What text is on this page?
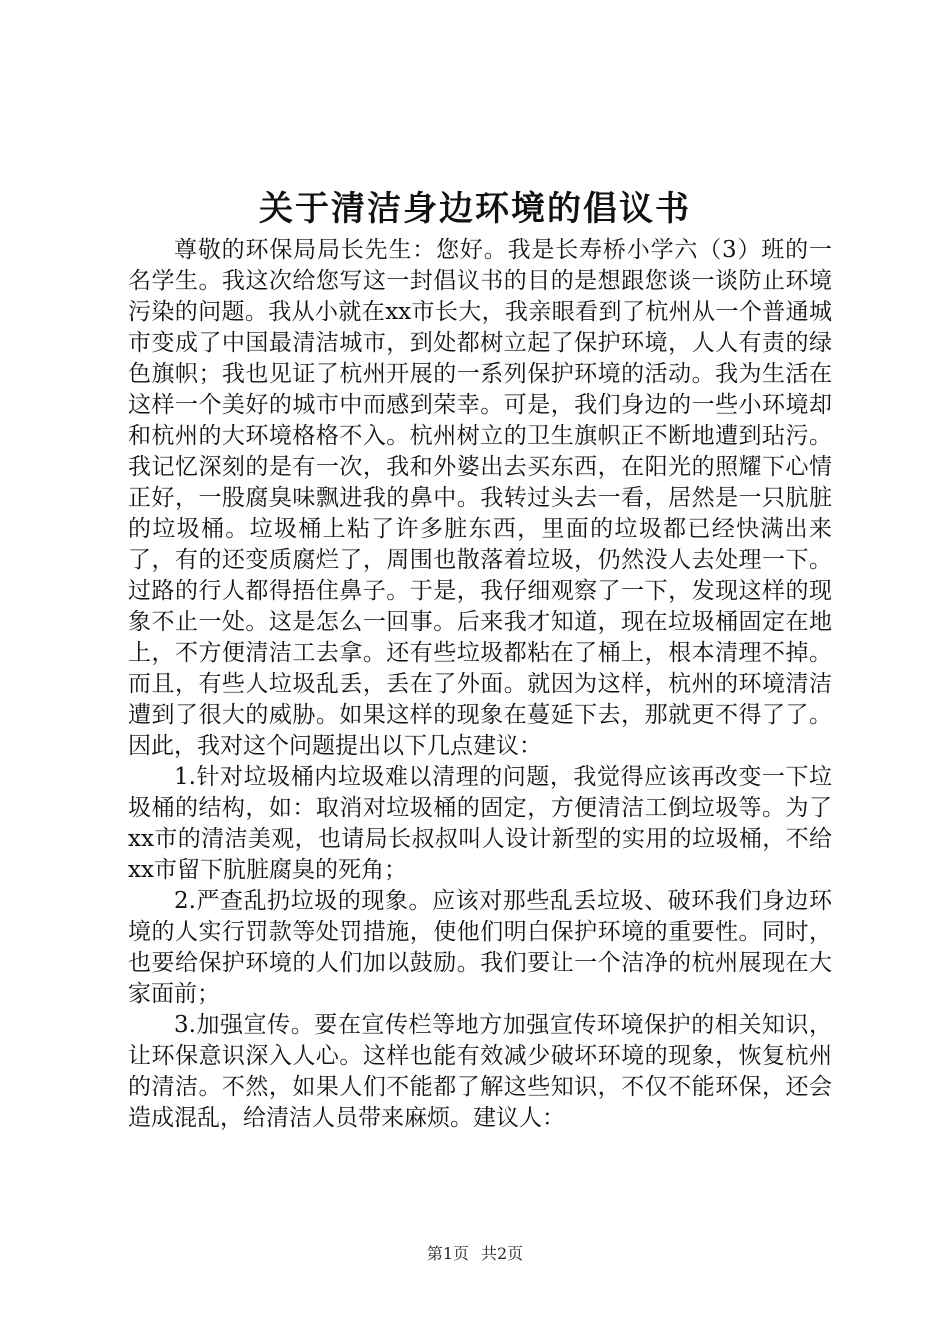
关于清洁身边环境的倡议书

尊敬的环保局局长先生：您好。我是长寿桥小学六（3）班的一名学生。我这次给您写这一封倡议书的目的是想跟您谈一谈防止环境污染的问题。我从小就在xx市长大，我亲眼看到了杭州从一个普通城市变成了中国最清洁城市，到处都树立起了保护环境，人人有责的绿色旗帜；我也见证了杭州开展的一系列保护环境的活动。我为生活在这样一个美好的城市中而感到荣幸。可是，我们身边的一些小环境却和杭州的大环境格格不入。杭州树立的卫生旗帜正不断地遭到玷污。我记忆深刻的是有一次，我和外婆出去买东西，在阳光的照耀下心情正好，一股腐臭味飘进我的鼻中。我转过头去一看，居然是一只肮脏的垃圾桶。垃圾桶上粘了许多脏东西，里面的垃圾都已经快满出来了，有的还变质腐烂了，周围也散落着垃圾，仍然没人去处理一下。过路的行人都得捂住鼻子。于是，我仔细观察了一下，发现这样的现象不止一处。这是怎么一回事。后来我才知道，现在垃圾桶固定在地上，不方便清洁工去拿。还有些垃圾都粘在了桶上，根本清理不掉。而且，有些人垃圾乱丢，丢在了外面。就因为这样，杭州的环境清洁遭到了很大的威胁。如果这样的现象在蔓延下去，那就更不得了了。因此，我对这个问题提出以下几点建议：

1.针对垃圾桶内垃圾难以清理的问题，我觉得应该再改变一下垃圾桶的结构，如：取消对垃圾桶的固定，方便清洁工倒垃圾等。为了xx市的清洁美观，也请局长叔叔叫人设计新型的实用的垃圾桶，不给xx市留下肮脏腐臭的死角；

2.严查乱扔垃圾的现象。应该对那些乱丢垃圾、破环我们身边环境的人实行罚款等处罚措施，使他们明白保护环境的重要性。同时，也要给保护环境的人们加以鼓励。我们要让一个洁净的杭州展现在大家面前；

3.加强宣传。要在宣传栏等地方加强宣传环境保护的相关知识，让环保意识深入人心。这样也能有效减少破坏环境的现象，恢复杭州的清洁。不然，如果人们不能都了解这些知识，不仅不能环保，还会造成混乱，给清洁人员带来麻烦。建议人：

第1页 共2页
